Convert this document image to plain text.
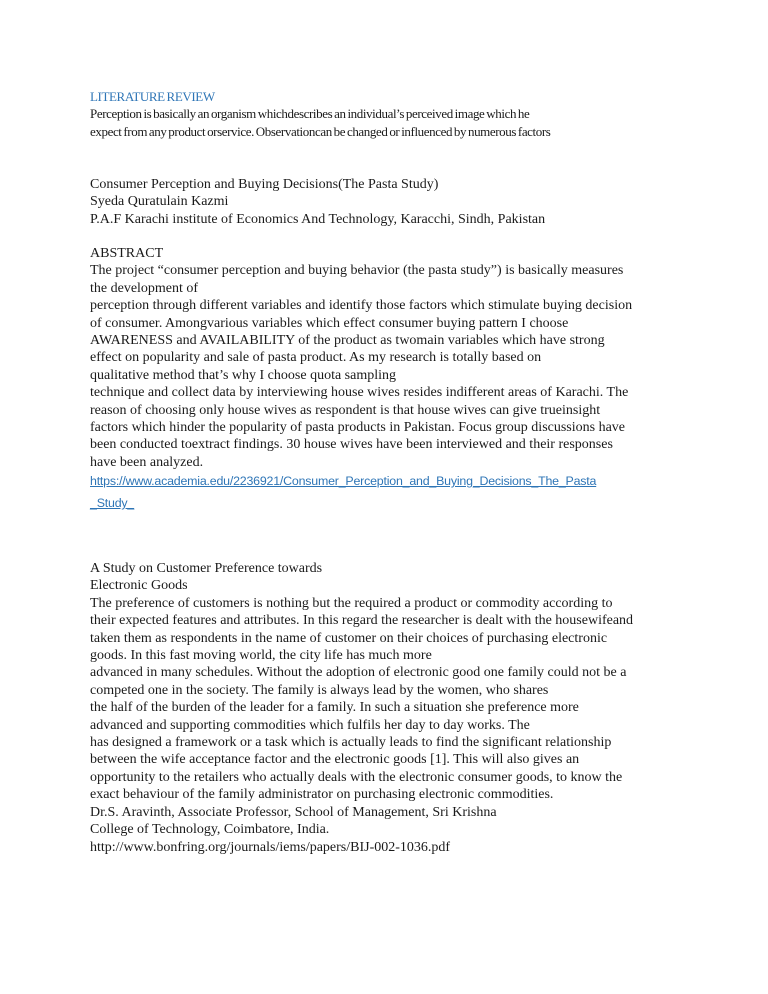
LITERATURE REVIEW
Perception is basically an organism whichdescribes an individual’s perceived image which he
expect from any product orservice. Observationcan be changed or influenced by numerous factors
Consumer Perception and Buying Decisions(The Pasta Study)
Syeda Quratulain Kazmi
P.A.F Karachi institute of Economics And Technology, Karacchi, Sindh, Pakistan
ABSTRACT
The project “consumer perception and buying behavior (the pasta study”) is basically measures
the development of
perception through different variables and identify those factors which stimulate buying decision
of consumer. Amongvarious variables which effect consumer buying pattern I choose
AWARENESS and AVAILABILITY of the product as twomain variables which have strong
effect on popularity and sale of pasta product. As my research is totally based on
qualitative method that’s why I choose quota sampling
technique and collect data by interviewing house wives resides indifferent areas of Karachi. The
reason of choosing only house wives as respondent is that house wives can give trueinsight
factors which hinder the popularity of pasta products in Pakistan. Focus group discussions have
been conducted toextract findings. 30 house wives have been interviewed and their responses
have been analyzed.
https://www.academia.edu/2236921/Consumer_Perception_and_Buying_Decisions_The_Pasta
_Study_
A Study on Customer Preference towards
Electronic Goods
The preference of customers is nothing but the required a product or commodity according to
their expected features and attributes. In this regard the researcher is dealt with the housewifeand
taken them as respondents in the name of customer on their choices of purchasing electronic
goods. In this fast moving world, the city life has much more
advanced in many schedules. Without the adoption of electronic good one family could not be a
competed one in the society. The family is always lead by the women, who shares
the half of the burden of the leader for a family. In such a situation she preference more
advanced and supporting commodities which fulfils her day to day works. The
has designed a framework or a task which is actually leads to find the significant relationship
between the wife acceptance factor and the electronic goods [1]. This will also gives an
opportunity to the retailers who actually deals with the electronic consumer goods, to know the
exact behaviour of the family administrator on purchasing electronic commodities.
Dr.S. Aravinth, Associate Professor, School of Management, Sri Krishna
College of Technology, Coimbatore, India.
http://www.bonfring.org/journals/iems/papers/BIJ-002-1036.pdf
